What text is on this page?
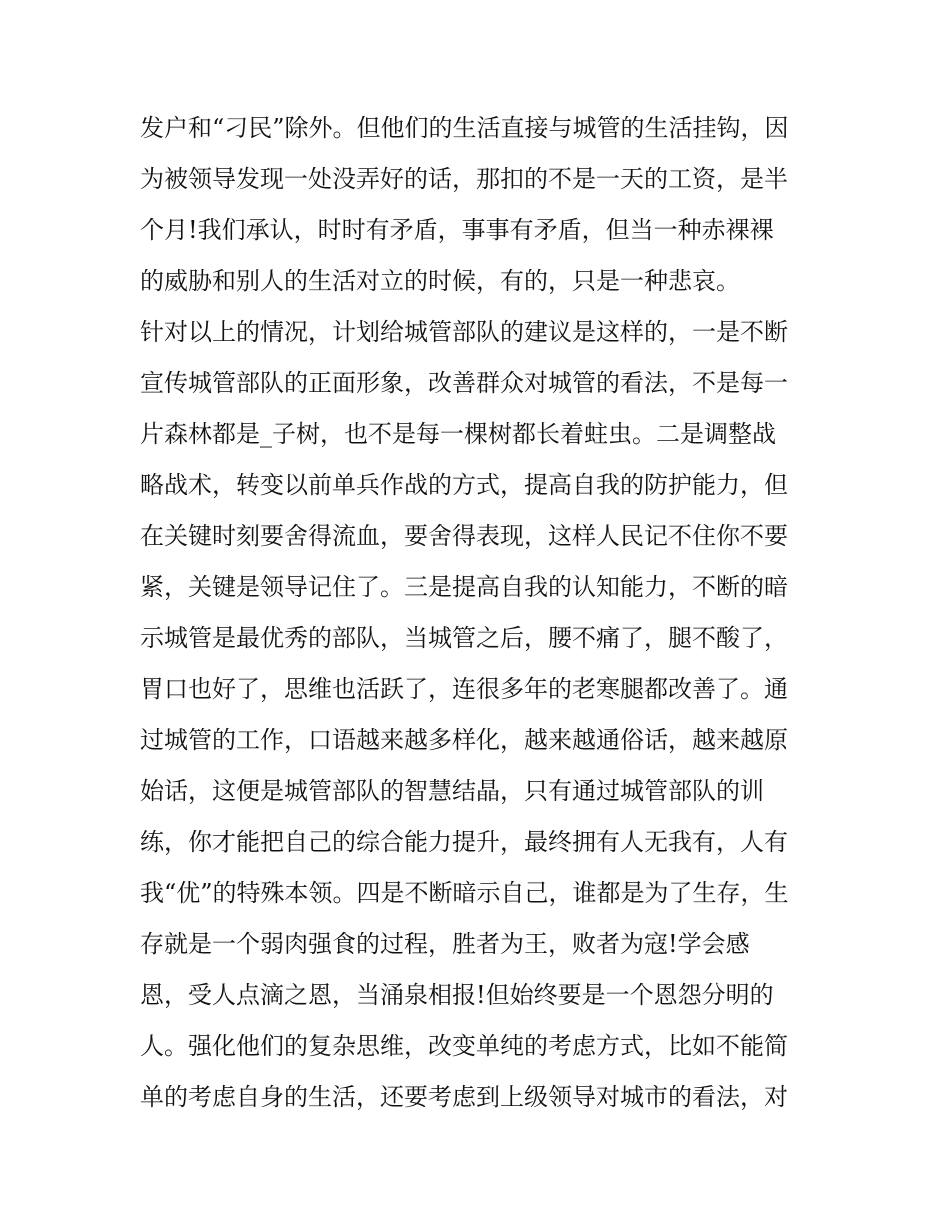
发户和“刁民”除外。但他们的生活直接与城管的生活挂钩，因
为被领导发现一处没弄好的话，那扣的不是一天的工资，是半
个月!我们承认，时时有矛盾，事事有矛盾，但当一种赤裸裸
的威胁和别人的生活对立的时候，有的，只是一种悲哀。
针对以上的情况，计划给城管部队的建议是这样的，一是不断
宣传城管部队的正面形象，改善群众对城管的看法，不是每一
片森林都是_子树，也不是每一棵树都长着蛀虫。二是调整战
略战术，转变以前单兵作战的方式，提高自我的防护能力，但
在关键时刻要舍得流血，要舍得表现，这样人民记不住你不要
紧，关键是领导记住了。三是提高自我的认知能力，不断的暗
示城管是最优秀的部队，当城管之后，腰不痛了，腿不酸了，
胃口也好了，思维也活跃了，连很多年的老寒腿都改善了。通
过城管的工作，口语越来越多样化，越来越通俗话，越来越原
始话，这便是城管部队的智慧结晶，只有通过城管部队的训
练，你才能把自己的综合能力提升，最终拥有人无我有，人有
我“优”的特殊本领。四是不断暗示自己，谁都是为了生存，生
存就是一个弱肉强食的过程，胜者为王，败者为寇!学会感
恩，受人点滴之恩，当涌泉相报!但始终要是一个恩怨分明的
人。强化他们的复杂思维，改变单纯的考虑方式，比如不能简
单的考虑自身的生活，还要考虑到上级领导对城市的看法，对
